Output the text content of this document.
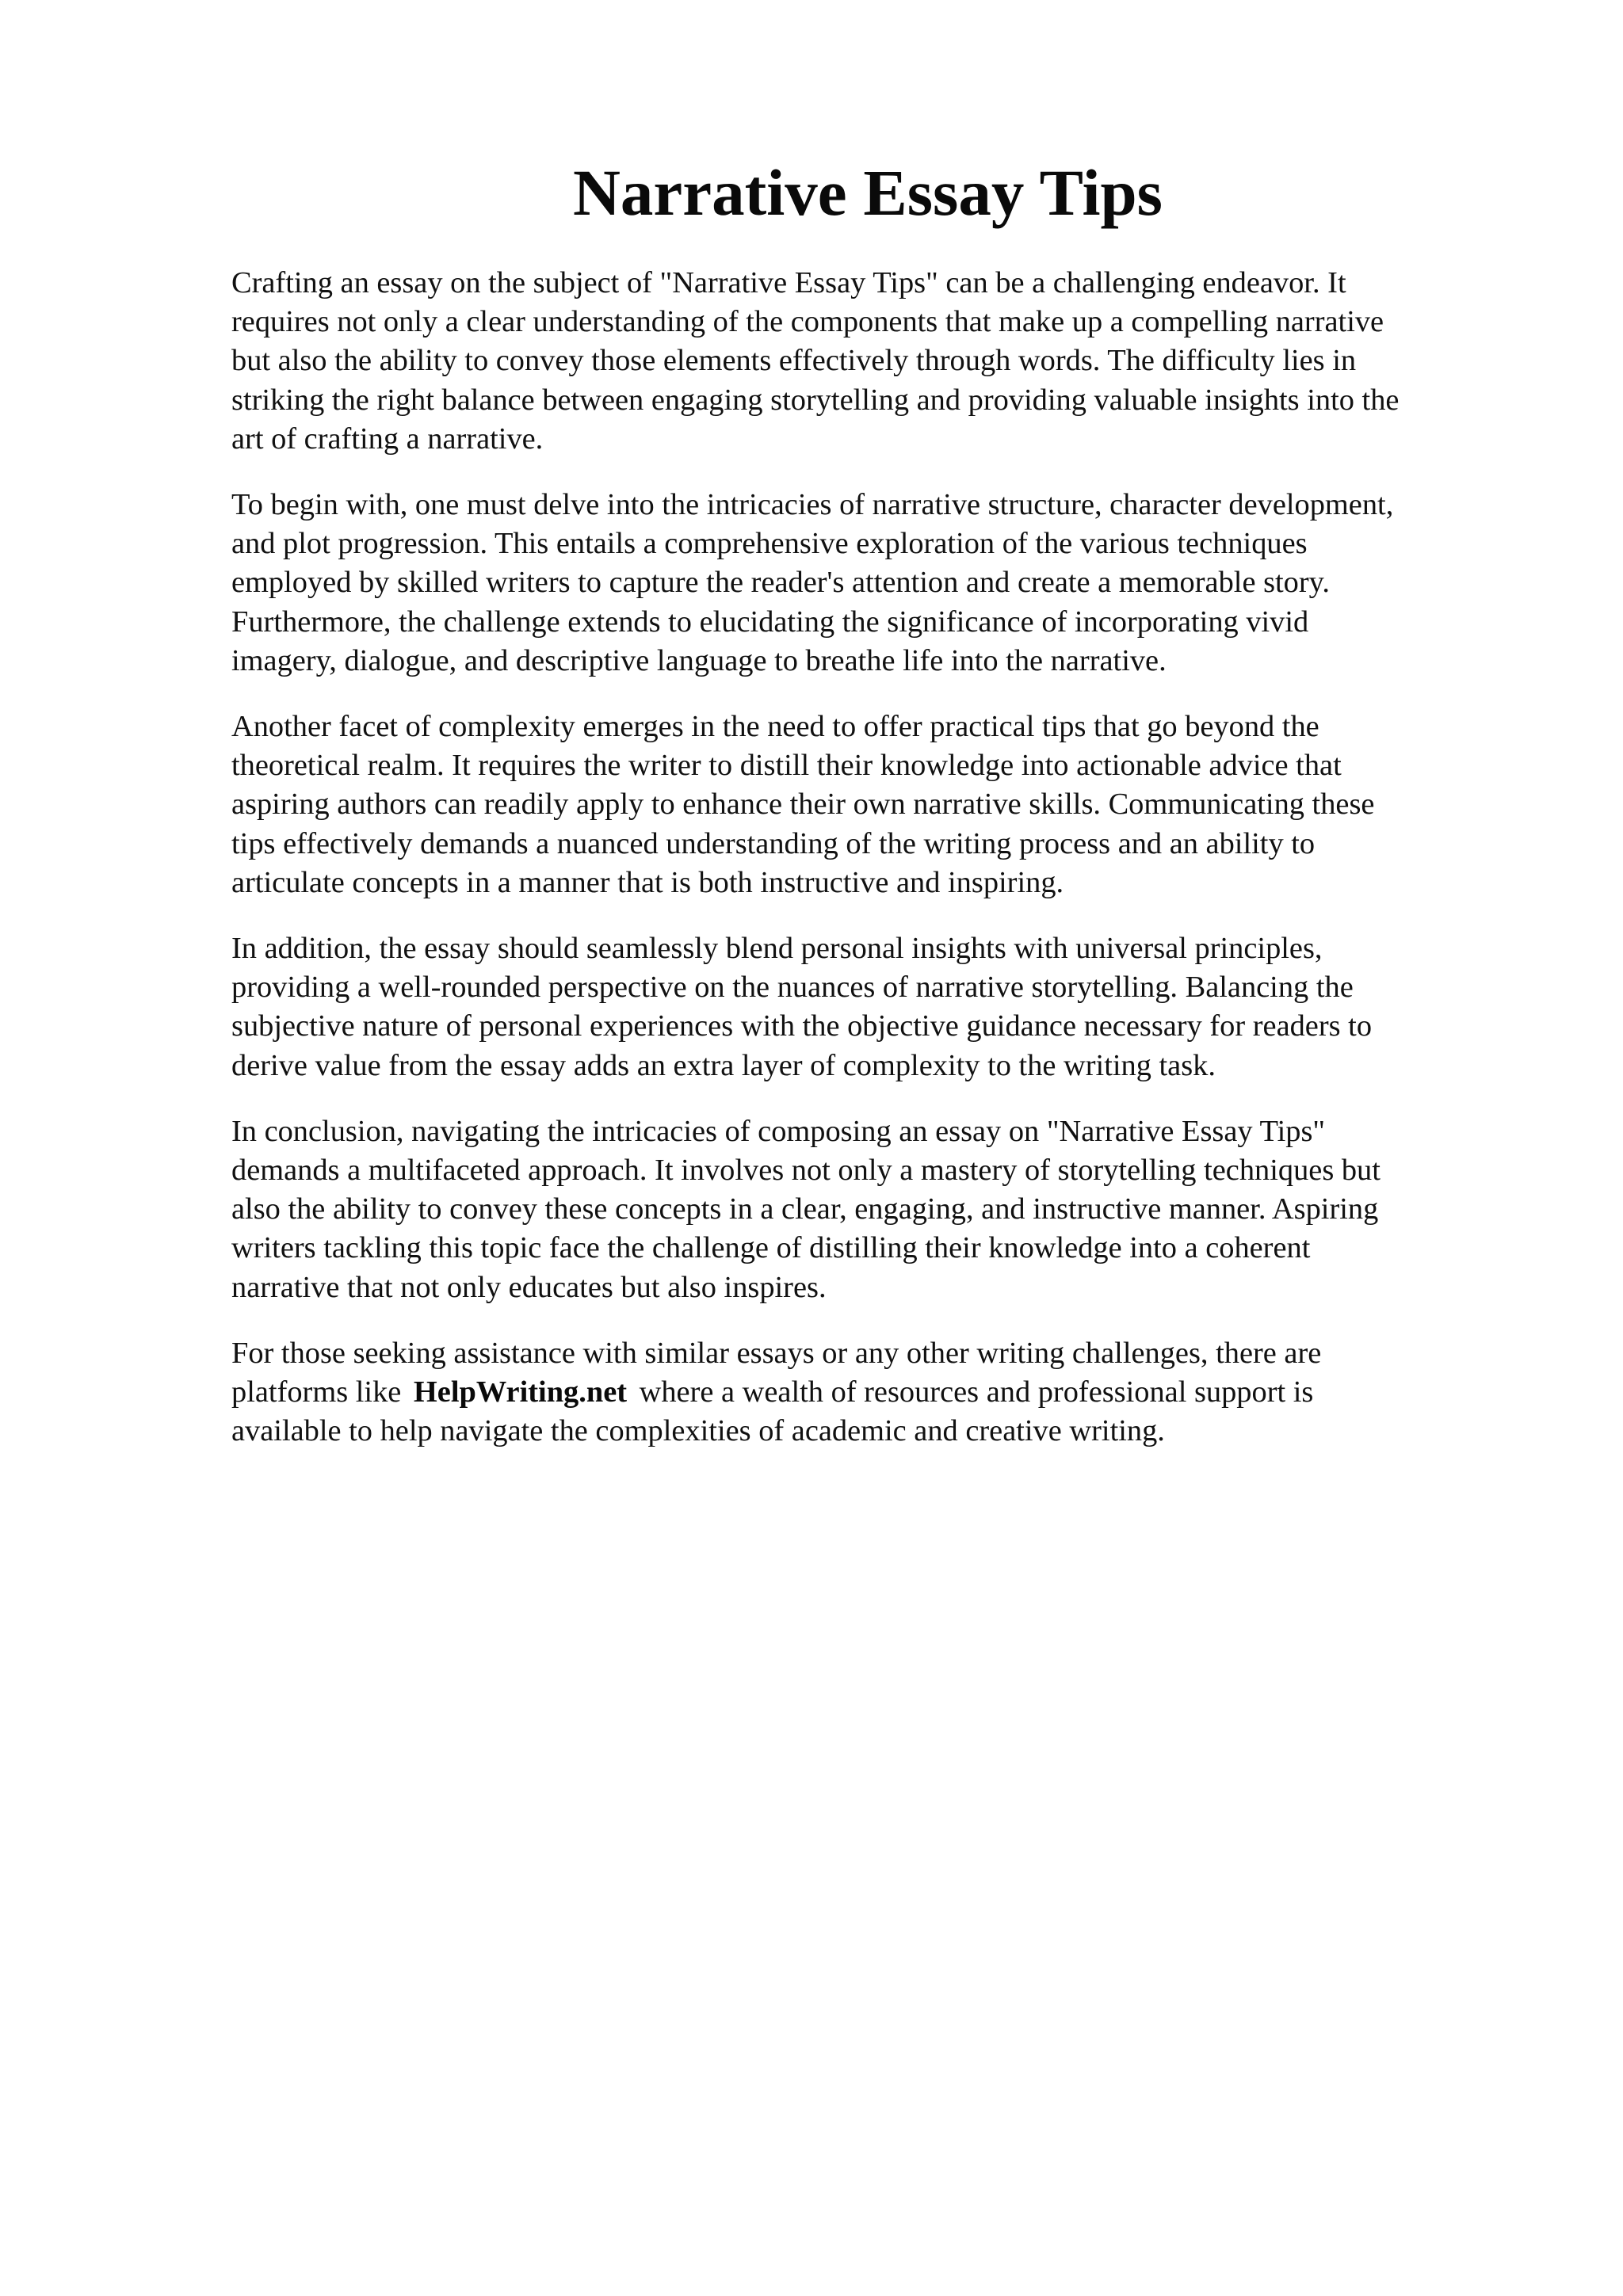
Narrative Essay Tips

Crafting an essay on the subject of "Narrative Essay Tips" can be a challenging endeavor. It
requires not only a clear understanding of the components that make up a compelling narrative
but also the ability to convey those elements effectively through words. The difficulty lies in
striking the right balance between engaging storytelling and providing valuable insights into the
art of crafting a narrative.

To begin with, one must delve into the intricacies of narrative structure, character development,
and plot progression. This entails a comprehensive exploration of the various techniques
employed by skilled writers to capture the reader's attention and create a memorable story.
Furthermore, the challenge extends to elucidating the significance of incorporating vivid
imagery, dialogue, and descriptive language to breathe life into the narrative.

Another facet of complexity emerges in the need to offer practical tips that go beyond the
theoretical realm. It requires the writer to distill their knowledge into actionable advice that
aspiring authors can readily apply to enhance their own narrative skills. Communicating these
tips effectively demands a nuanced understanding of the writing process and an ability to
articulate concepts in a manner that is both instructive and inspiring.

In addition, the essay should seamlessly blend personal insights with universal principles,
providing a well-rounded perspective on the nuances of narrative storytelling. Balancing the
subjective nature of personal experiences with the objective guidance necessary for readers to
derive value from the essay adds an extra layer of complexity to the writing task.

In conclusion, navigating the intricacies of composing an essay on "Narrative Essay Tips"
demands a multifaceted approach. It involves not only a mastery of storytelling techniques but
also the ability to convey these concepts in a clear, engaging, and instructive manner. Aspiring
writers tackling this topic face the challenge of distilling their knowledge into a coherent
narrative that not only educates but also inspires.

For those seeking assistance with similar essays or any other writing challenges, there are
platforms like HelpWriting.net where a wealth of resources and professional support is
available to help navigate the complexities of academic and creative writing.
